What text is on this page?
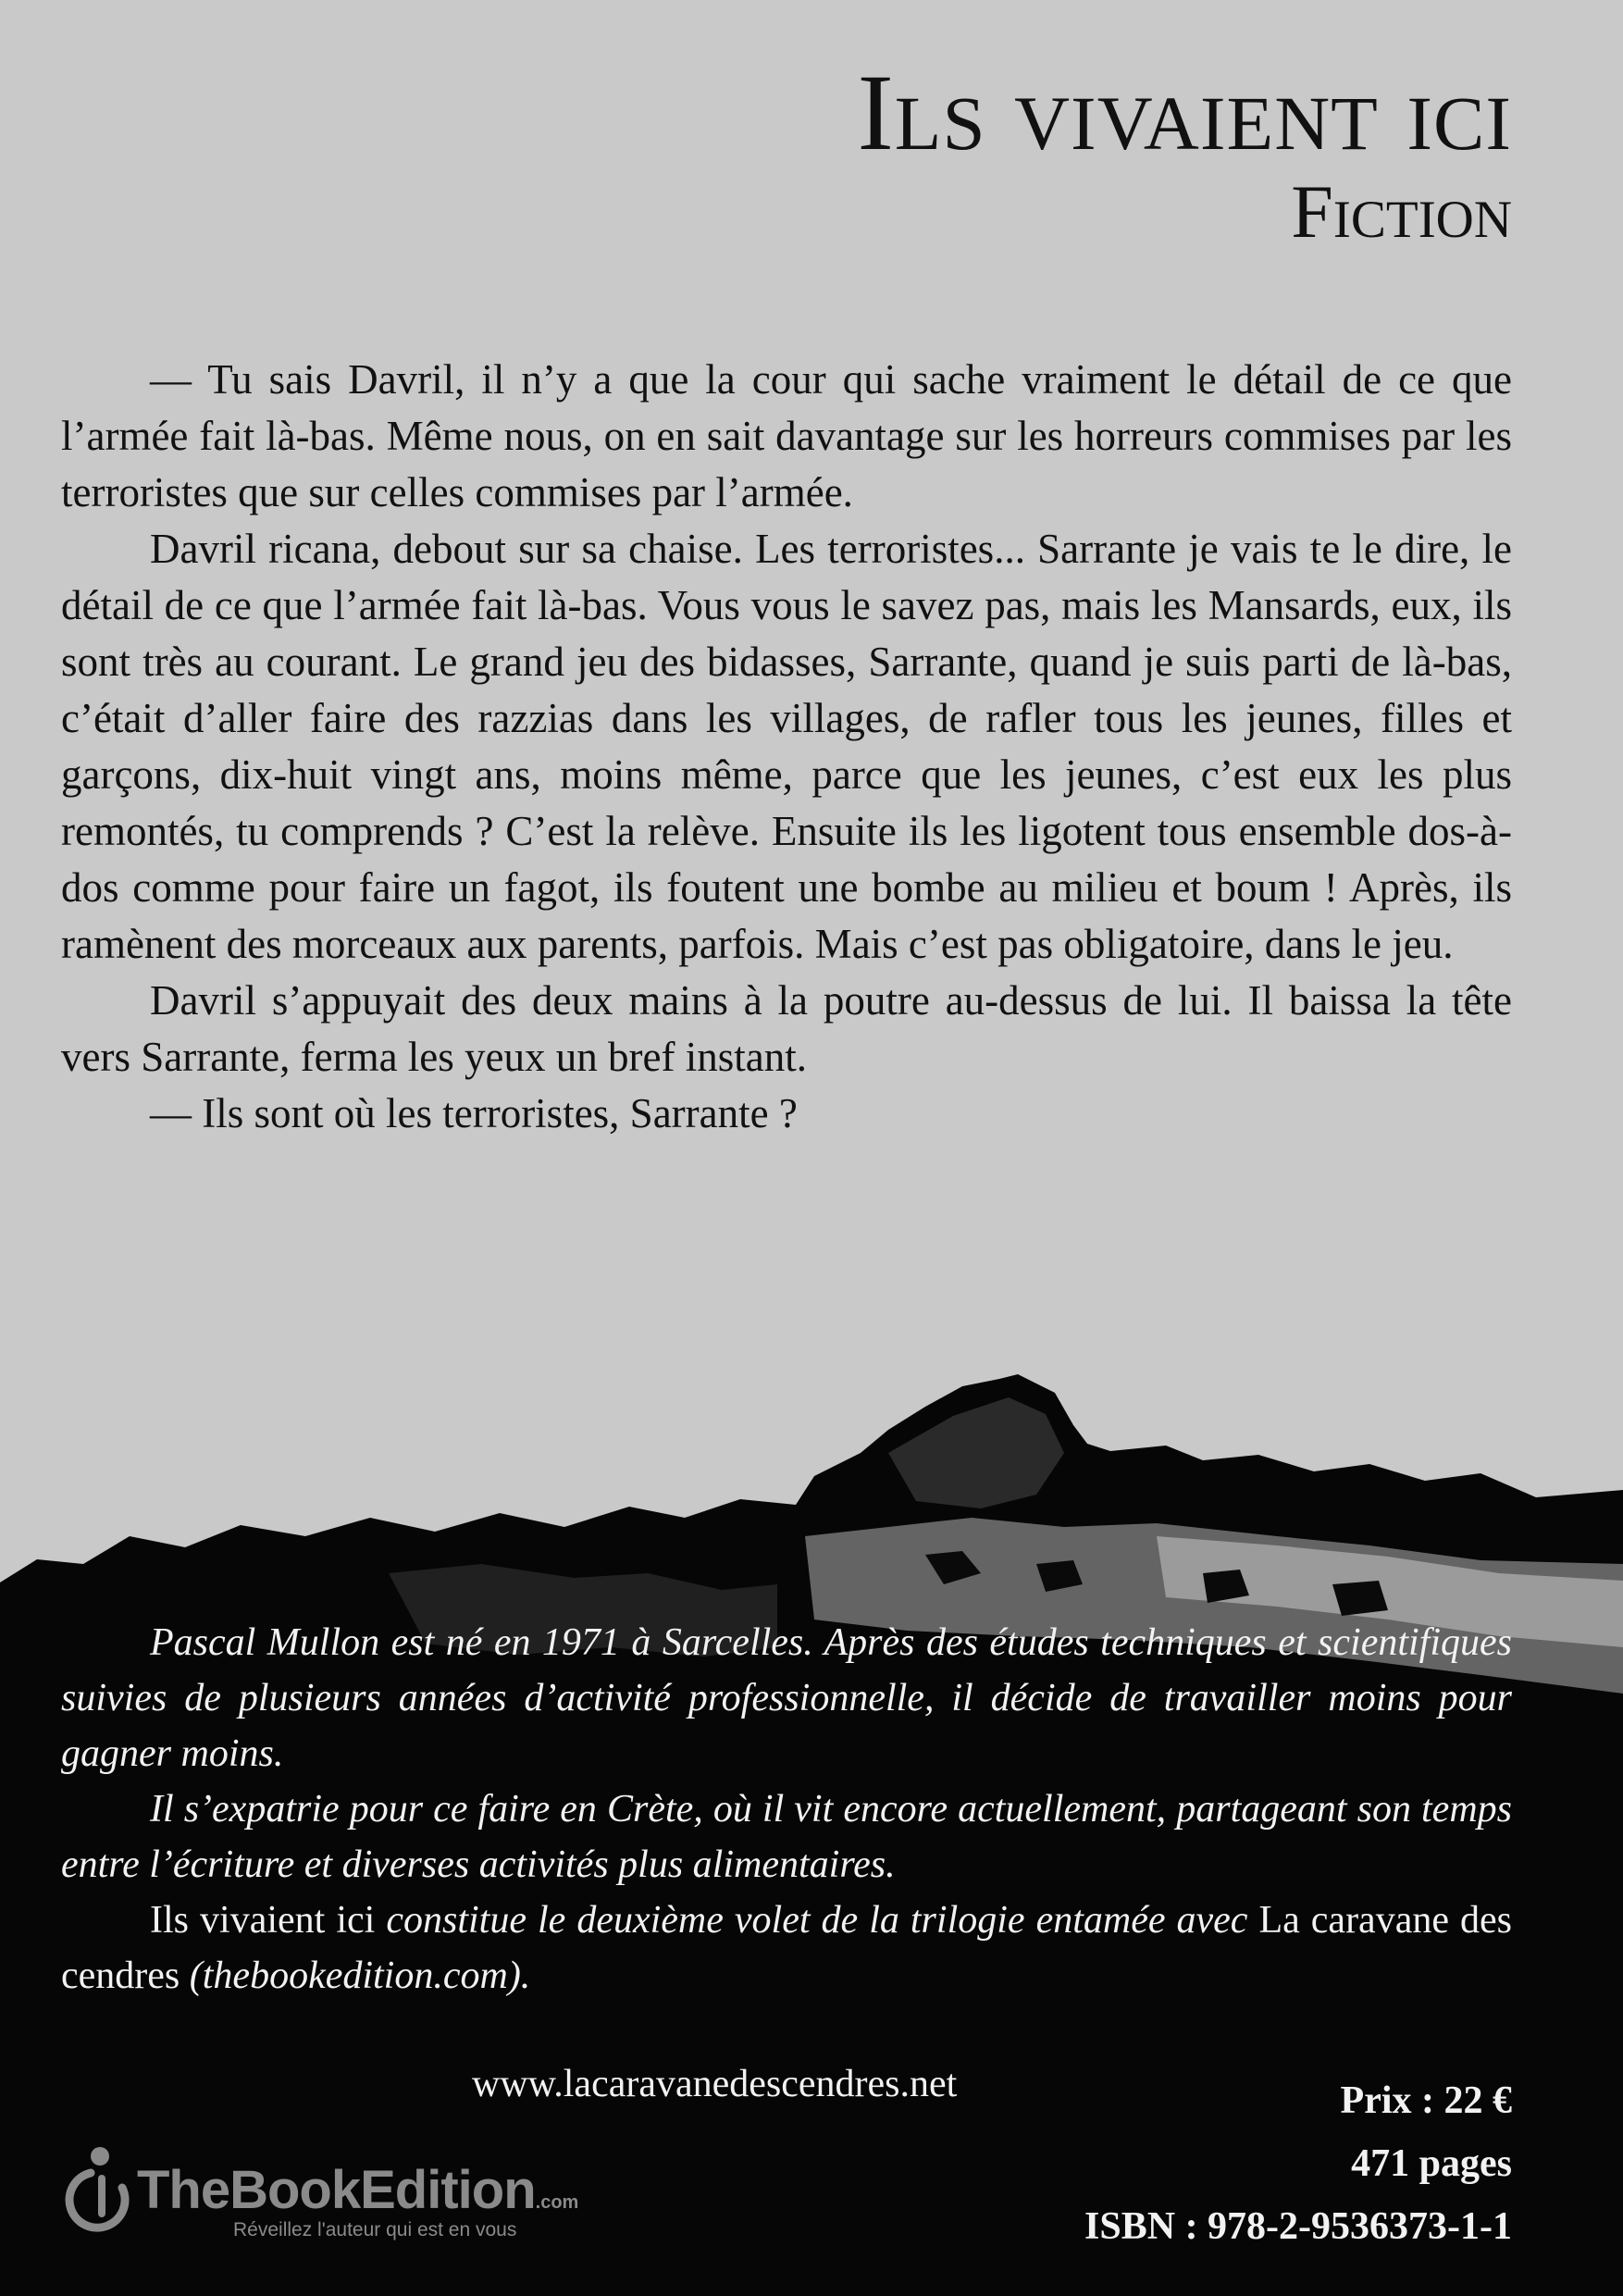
Ils vivaient ici
Fiction

— Tu sais Davril, il n’y a que la cour qui sache vraiment le détail de ce que l’armée fait là-bas. Même nous, on en sait davantage sur les horreurs commises par les terroristes que sur celles commises par l’armée.

Davril ricana, debout sur sa chaise. Les terroristes... Sarrante je vais te le dire, le détail de ce que l’armée fait là-bas. Vous vous le savez pas, mais les Mansards, eux, ils sont très au courant. Le grand jeu des bidasses, Sarrante, quand je suis parti de là-bas, c’était d’aller faire des razzias dans les villages, de rafler tous les jeunes, filles et garçons, dix-huit vingt ans, moins même, parce que les jeunes, c’est eux les plus remontés, tu comprends ? C’est la relève. Ensuite ils les ligotent tous ensemble dos-à-dos comme pour faire un fagot, ils foutent une bombe au milieu et boum ! Après, ils ramènent des morceaux aux parents, parfois. Mais c’est pas obligatoire, dans le jeu.

Davril s’appuyait des deux mains à la poutre au-dessus de lui. Il baissa la tête vers Sarrante, ferma les yeux un bref instant.

— Ils sont où les terroristes, Sarrante ?

Pascal Mullon est né en 1971 à Sarcelles. Après des études techniques et scientifiques suivies de plusieurs années d’activité professionnelle, il décide de travailler moins pour gagner moins.

Il s’expatrie pour ce faire en Crète, où il vit encore actuellement, partageant son temps entre l’écriture et diverses activités plus alimentaires.

Ils vivaient ici constitue le deuxième volet de la trilogie entamée avec La caravane des cendres (thebookedition.com).

www.lacaravanedescendres.net	Prix : 22 €
471 pages
ISBN : 978-2-9536373-1-1
TheBookEdition.com
Réveillez l'auteur qui est en vous
